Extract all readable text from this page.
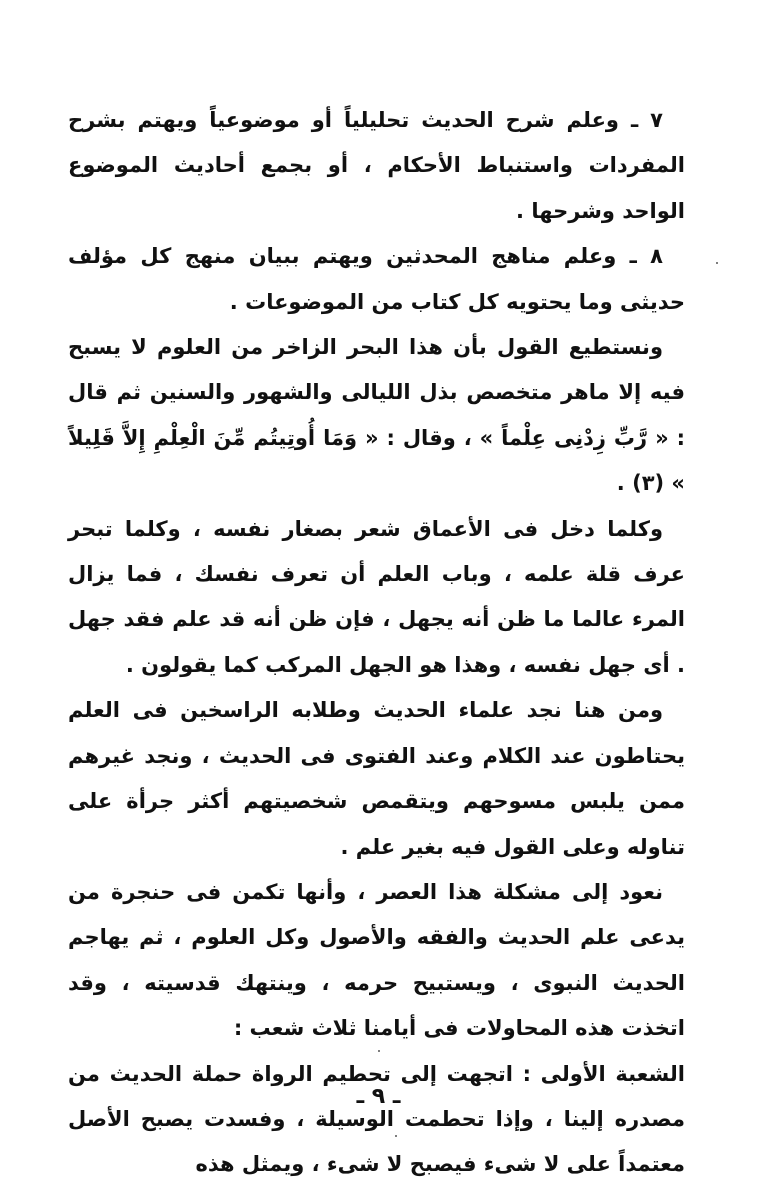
٧ ـ وعلم شرح الحديث تحليلياً أو موضوعياً ويهتم بشرح المفردات واستنباط الأحكام ، أو بجمع أحاديث الموضوع الواحد وشرحها .

٨ ـ وعلم مناهج المحدثين ويهتم ببيان منهج كل مؤلف حديثى وما يحتويه كل كتاب من الموضوعات .

ونستطيع القول بأن هذا البحر الزاخر من العلوم لا يسبح فيه إلا ماهر متخصص بذل الليالى والشهور والسنين ثم قال : « رَّبِّ زِدْنِى عِلْماً » ، وقال : « وَمَا أُوتِيتُم مِّنَ الْعِلْمِ إِلاَّ قَلِيلاً » (٣) .

وكلما دخل فى الأعماق شعر بصغار نفسه ، وكلما تبحر عرف قلة علمه ، وباب العلم أن تعرف نفسك ، فما يزال المرء عالما ما ظن أنه يجهل ، فإن ظن أنه قد علم فقد جهل . أى جهل نفسه ، وهذا هو الجهل المركب كما يقولون .

ومن هنا نجد علماء الحديث وطلابه الراسخين فى العلم يحتاطون عند الكلام وعند الفتوى فى الحديث ، ونجد غيرهم ممن يلبس مسوحهم ويتقمص شخصيتهم أكثر جرأة على تناوله وعلى القول فيه بغير علم .

نعود إلى مشكلة هذا العصر ، وأنها تكمن فى حنجرة من يدعى علم الحديث والفقه والأصول وكل العلوم ، ثم يهاجم الحديث النبوى ، ويستبيح حرمه ، وينتهك قدسيته ، وقد اتخذت هذه المحاولات فى أيامنا ثلاث شعب :

الشعبة الأولى : اتجهت إلى تحطيم الرواة حملة الحديث من مصدره إلينا ، وإذا تحطمت الوسيلة ، وفسدت يصبح الأصل معتمداً على لا شىء فيصبح لا شىء ، ويمثل هذه

ـ ٩ ـ
